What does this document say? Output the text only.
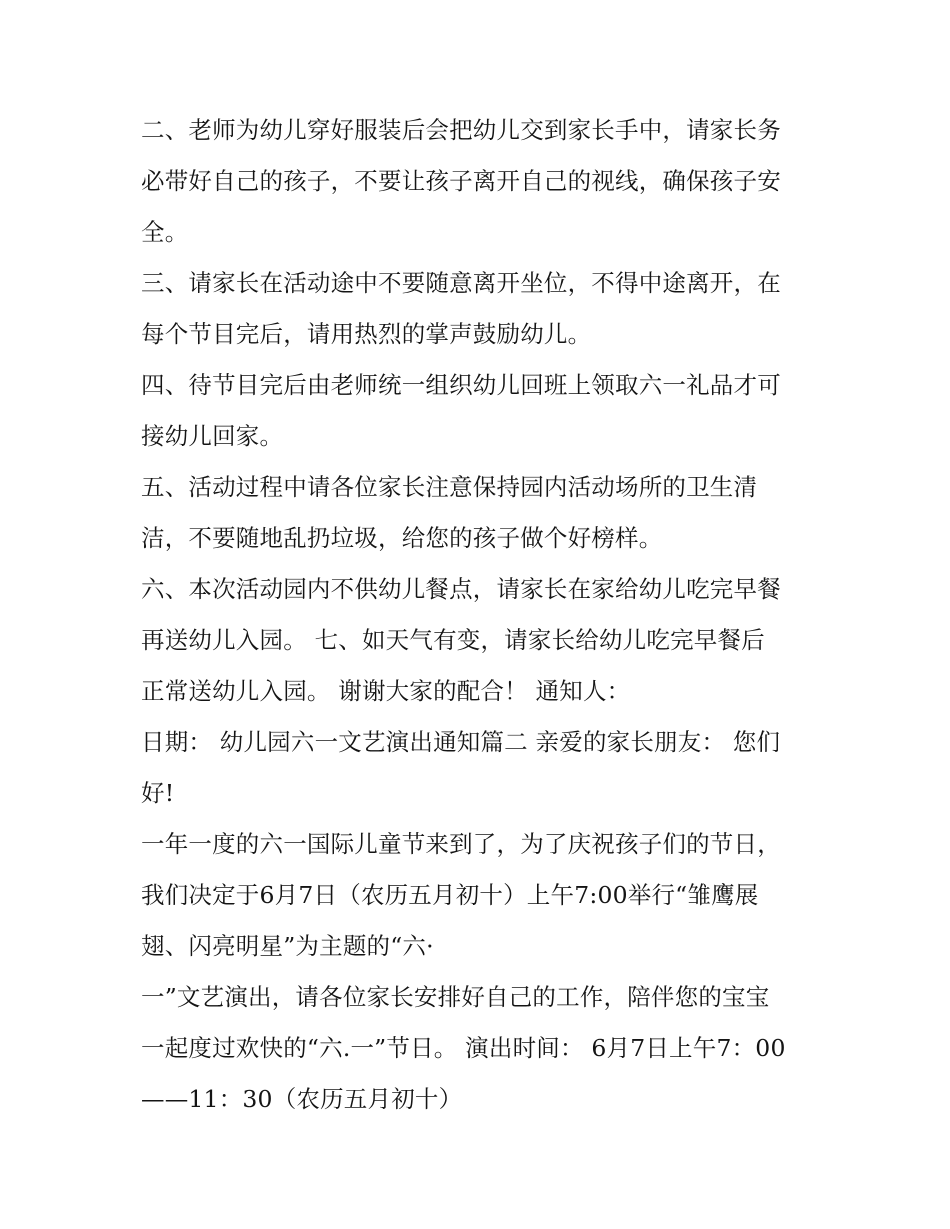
二、老师为幼儿穿好服装后会把幼儿交到家长手中，请家长务
必带好自己的孩子，不要让孩子离开自己的视线，确保孩子安
全。
三、请家长在活动途中不要随意离开坐位，不得中途离开，在
每个节目完后，请用热烈的掌声鼓励幼儿。
四、待节目完后由老师统一组织幼儿回班上领取六一礼品才可
接幼儿回家。
五、活动过程中请各位家长注意保持园内活动场所的卫生清
洁，不要随地乱扔垃圾，给您的孩子做个好榜样。
六、本次活动园内不供幼儿餐点，请家长在家给幼儿吃完早餐
再送幼儿入园。 七、如天气有变，请家长给幼儿吃完早餐后
正常送幼儿入园。 谢谢大家的配合！ 通知人：
日期： 幼儿园六一文艺演出通知篇二 亲爱的家长朋友： 您们
好!
一年一度的六一国际儿童节来到了，为了庆祝孩子们的节日，
我们决定于6月7日（农历五月初十）上午7:00举行“雏鹰展
翅、闪亮明星”为主题的“六·
一”文艺演出，请各位家长安排好自己的工作，陪伴您的宝宝
一起度过欢快的“六.一”节日。 演出时间： 6月7日上午7：00
——11：30（农历五月初十）
